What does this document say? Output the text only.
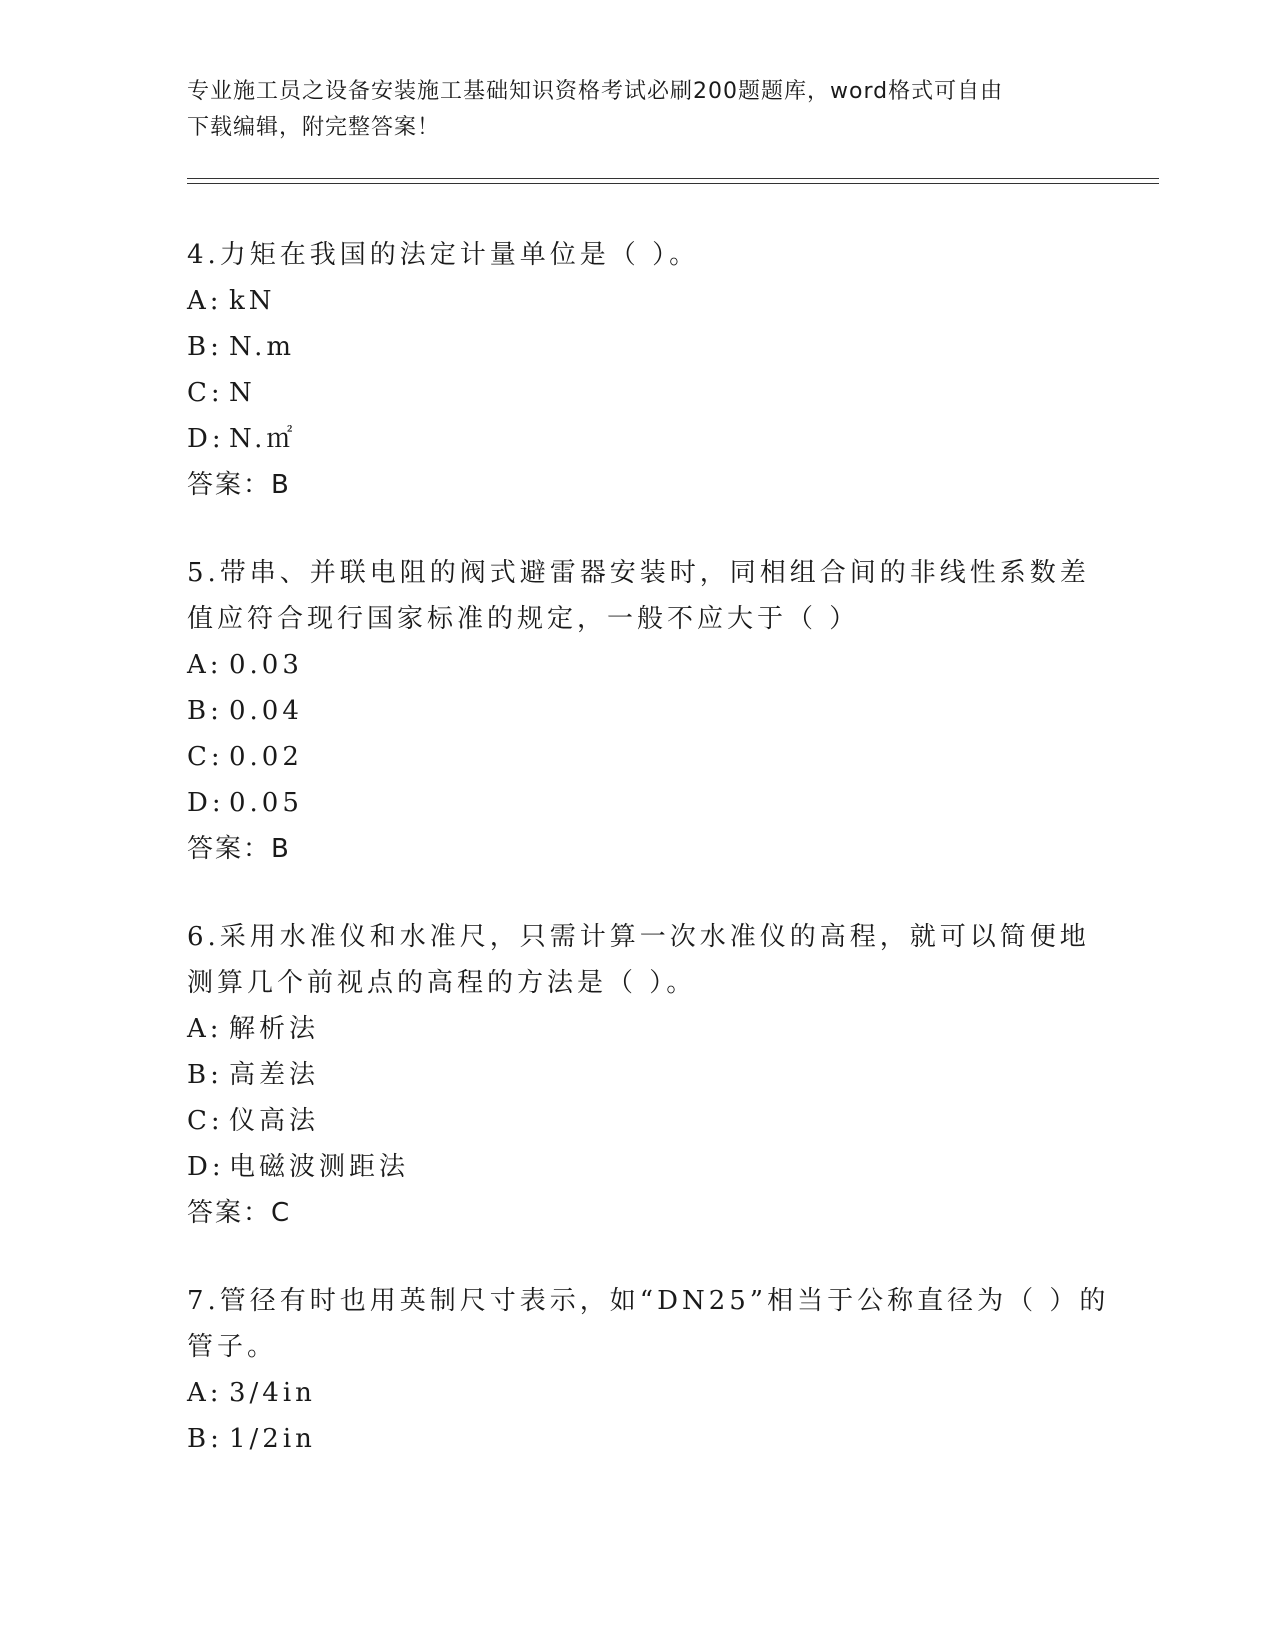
专业施工员之设备安装施工基础知识资格考试必刷200题题库，word格式可自由
下载编辑，附完整答案！
4.力矩在我国的法定计量单位是（ ）。
A: kN
B: N.m
C: N
D: N.㎡
答案：B
5.带串、并联电阻的阀式避雷器安装时，同相组合间的非线性系数差
值应符合现行国家标准的规定，一般不应大于（ ）
A: 0.03
B: 0.04
C: 0.02
D: 0.05
答案：B
6.采用水准仪和水准尺，只需计算一次水准仪的高程，就可以简便地
测算几个前视点的高程的方法是（ ）。
A: 解析法
B: 高差法
C: 仪高法
D: 电磁波测距法
答案：C
7.管径有时也用英制尺寸表示，如“DN25”相当于公称直径为（ ）的
管子。
A: 3/4in
B: 1/2in
